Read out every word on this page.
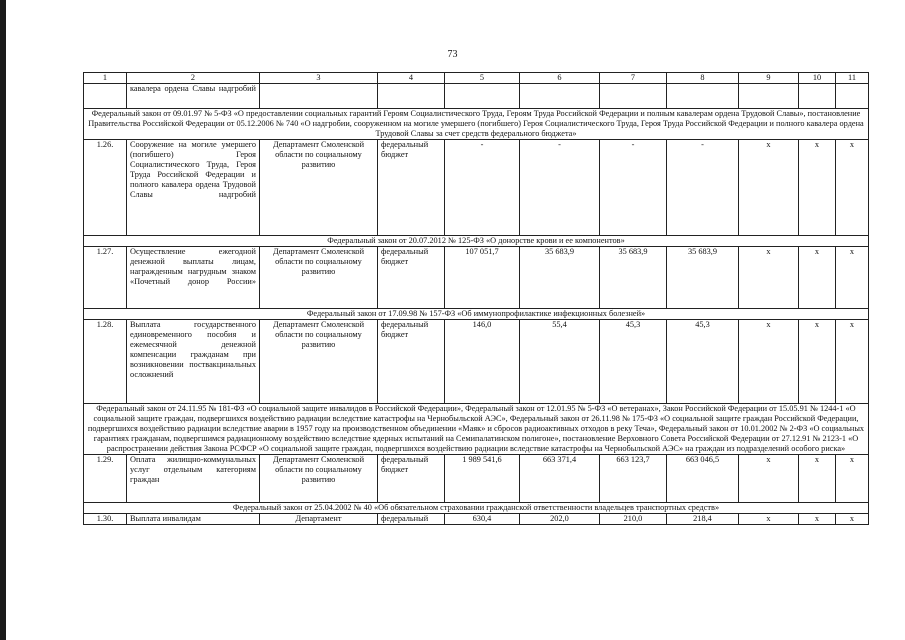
73
1	2	3	4	5	6	7	8	9	10	11
	кавалера ордена Славы надгробий									
Федеральный закон от 09.01.97 № 5-ФЗ «О предоставлении социальных гарантий Героям Социалистического Труда, Героям Труда Российской Федерации и полным кавалерам ордена Трудовой Славы», постановление Правительства Российской Федерации от 05.12.2006 № 740 «О надгробии, сооруженном на могиле умершего (погибшего) Героя Социалистического Труда, Героя Труда Российской Федерации и полного кавалера ордена Трудовой Славы за счет средств федерального бюджета»										
1.26.	Сооружение на могиле умершего (погибшего) Героя Социалистического Труда, Героя Труда Российской Федерации и полного кавалера ордена Трудовой Славы надгробий	Департамент Смоленской области по социальному развитию	федеральный бюджет	-	-	-	-	х	х	х
Федеральный закон от 20.07.2012 № 125-ФЗ «О донорстве крови и ее компонентов»										
1.27.	Осуществление ежегодной денежной выплаты лицам, награжденным нагрудным знаком «Почетный донор России»	Департамент Смоленской области по социальному развитию	федеральный бюджет	107 051,7	35 683,9	35 683,9	35 683,9	х	х	х
Федеральный закон от 17.09.98 № 157-ФЗ «Об иммунопрофилактике инфекционных болезней»										
1.28.	Выплата государственного единовременного пособия и ежемесячной денежной компенсации гражданам при возникновении поствакцинальных осложнений	Департамент Смоленской области по социальному развитию	федеральный бюджет	146,0	55,4	45,3	45,3	х	х	х
Федеральный закон от 24.11.95 № 181-ФЗ «О социальной защите инвалидов в Российской Федерации», Федеральный закон от 12.01.95 № 5-ФЗ «О ветеранах», Закон Российской Федерации от 15.05.91 № 1244-1 «О социальной защите граждан, подвергшихся воздействию радиации вследствие катастрофы на Чернобыльской АЭС», Федеральный закон от 26.11.98 № 175-ФЗ «О социальной защите граждан Российской Федерации, подвергшихся воздействию радиации вследствие аварии в 1957 году на производственном объединении «Маяк» и сбросов радиоактивных отходов в реку Теча», Федеральный закон от 10.01.2002 № 2-ФЗ «О социальных гарантиях гражданам, подвергшимся радиационному воздействию вследствие ядерных испытаний на Семипалатинском полигоне», постановление Верховного Совета Российской Федерации от 27.12.91 № 2123-1 «О распространении действия Закона РСФСР «О социальной защите граждан, подвергшихся воздействию радиации вследствие катастрофы на Чернобыльской АЭС» на граждан из подразделений особого риска»										
1.29.	Оплата жилищно-коммунальных услуг отдельным категориям граждан	Департамент Смоленской области по социальному развитию	федеральный бюджет	1 989 541,6	663 371,4	663 123,7	663 046,5	х	х	х
Федеральный закон от 25.04.2002 № 40 «Об обязательном страховании гражданской ответственности владельцев транспортных средств»										
1.30.	Выплата инвалидам	Департамент	федеральный	630,4	202,0	210,0	218,4	х	х	х
